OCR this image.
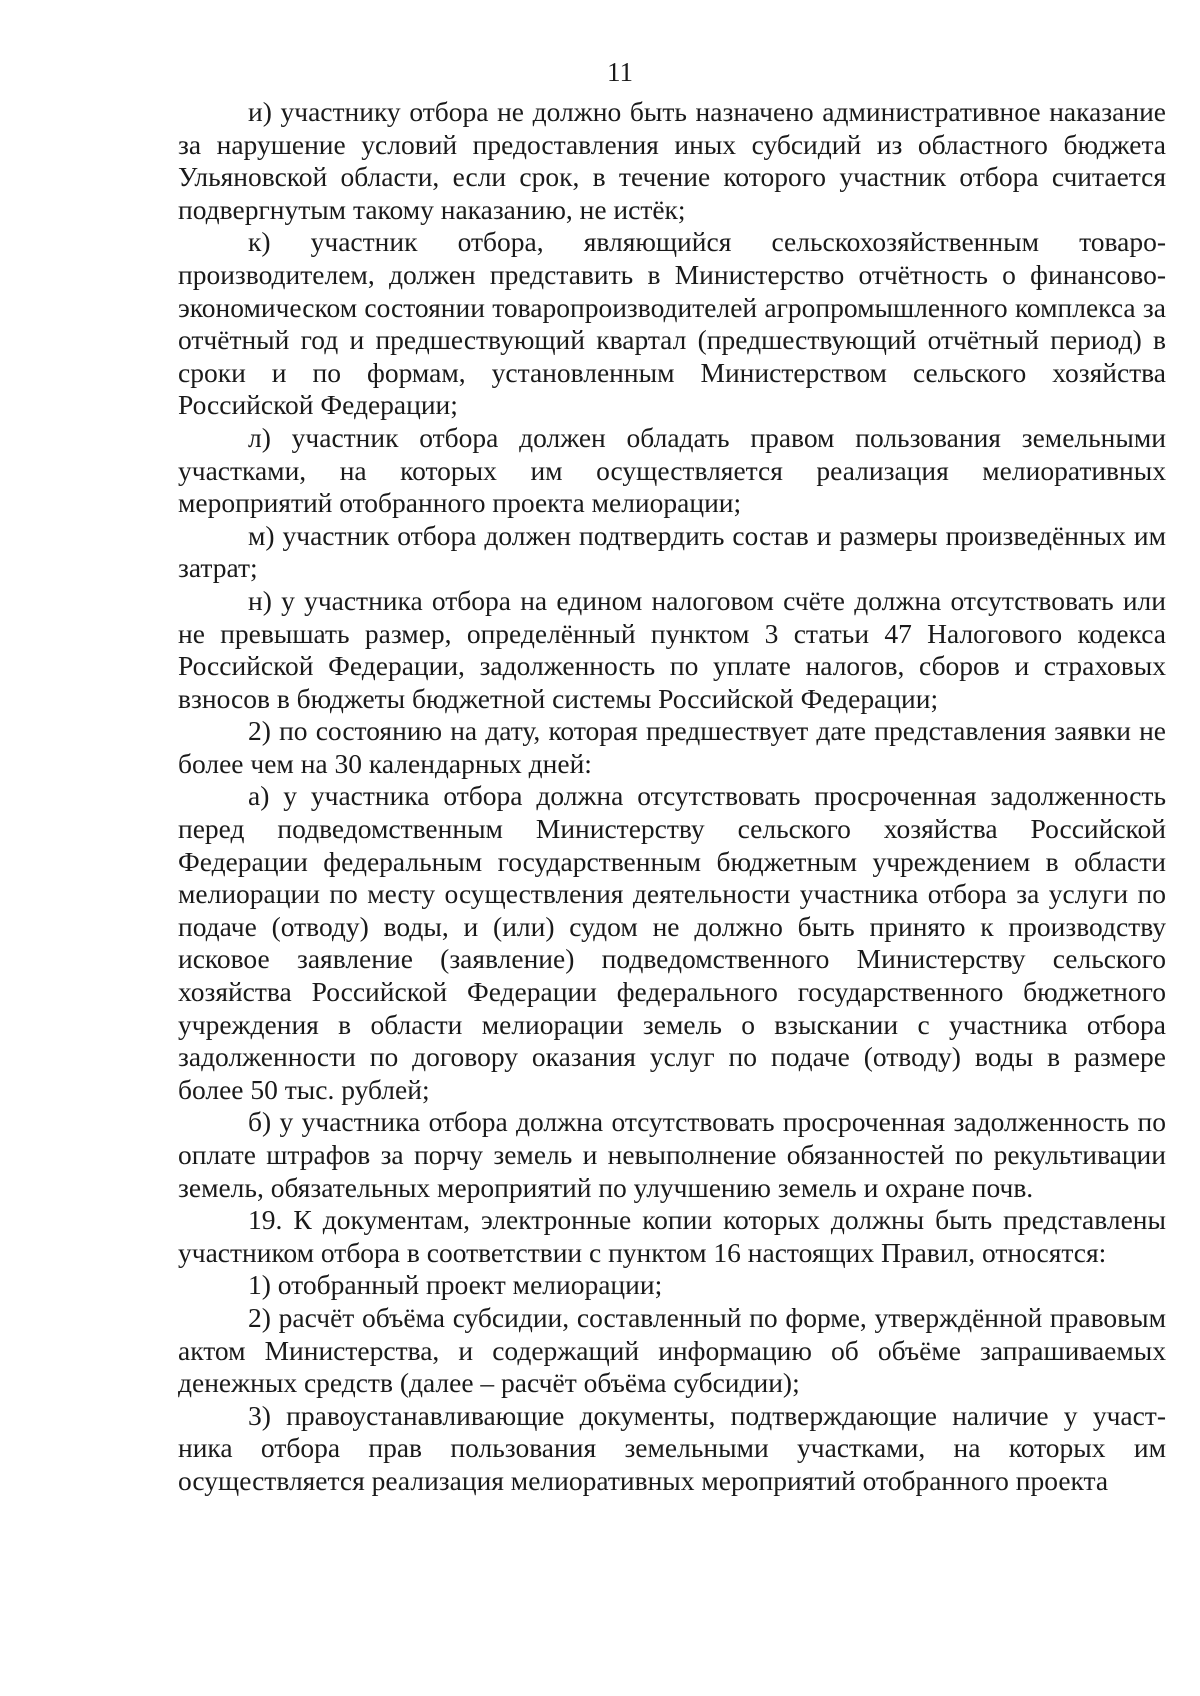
11

и) участнику отбора не должно быть назначено административное наказание за нарушение условий предоставления иных субсидий из областного бюджета Ульяновской области, если срок, в течение которого участник отбора считается подвергнутым такому наказанию, не истёк;

к) участник отбора, являющийся сельскохозяйственным товаро-производителем, должен представить в Министерство отчётность о финансово-экономическом состоянии товаропроизводителей агропромышленного комплекса за отчётный год и предшествующий квартал (предшествующий отчётный период) в сроки и по формам, установленным Министерством сельского хозяйства Российской Федерации;

л) участник отбора должен обладать правом пользования земельными участками, на которых им осуществляется реализация мелиоративных мероприятий отобранного проекта мелиорации;

м) участник отбора должен подтвердить состав и размеры произведённых им затрат;

н) у участника отбора на едином налоговом счёте должна отсутствовать или не превышать размер, определённый пунктом 3 статьи 47 Налогового кодекса Российской Федерации, задолженность по уплате налогов, сборов и страховых взносов в бюджеты бюджетной системы Российской Федерации;

2) по состоянию на дату, которая предшествует дате представления заявки не более чем на 30 календарных дней:

а) у участника отбора должна отсутствовать просроченная задолженность перед подведомственным Министерству сельского хозяйства Российской Федерации федеральным государственным бюджетным учреждением в области мелиорации по месту осуществления деятельности участника отбора за услуги по подаче (отводу) воды, и (или) судом не должно быть принято к производству исковое заявление (заявление) подведомственного Министерству сельского хозяйства Российской Федерации федерального государственного бюджетного учреждения в области мелиорации земель о взыскании с участника отбора задолженности по договору оказания услуг по подаче (отводу) воды в размере более 50 тыс. рублей;

б) у участника отбора должна отсутствовать просроченная задолженность по оплате штрафов за порчу земель и невыполнение обязанностей по рекультивации земель, обязательных мероприятий по улучшению земель и охране почв.

19. К документам, электронные копии которых должны быть представлены участником отбора в соответствии с пунктом 16 настоящих Правил, относятся:

1) отобранный проект мелиорации;

2) расчёт объёма субсидии, составленный по форме, утверждённой правовым актом Министерства, и содержащий информацию об объёме запрашиваемых денежных средств (далее – расчёт объёма субсидии);

3) правоустанавливающие документы, подтверждающие наличие у участ-ника отбора прав пользования земельными участками, на которых им осуществляется реализация мелиоративных мероприятий отобранного проекта
